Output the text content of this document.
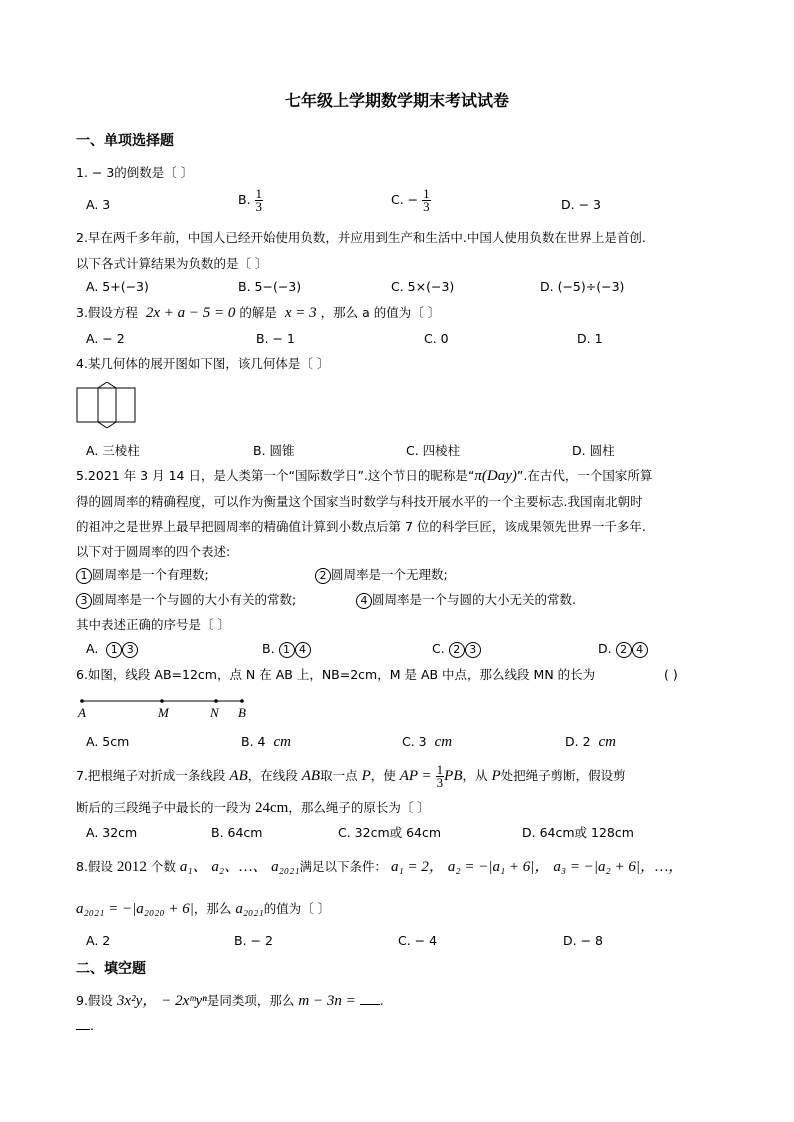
七年级上学期数学期末考试试卷
一、单项选择题
1. − 3的倒数是〔 〕
A. 3	B. $\frac{1}{3}$	C. − $\frac{1}{3}$	D. − 3
2.早在两千多年前，中国人已经开始使用负数，并应用到生产和生活中.中国人使用负数在世界上是首创.
以下各式计算结果为负数的是〔 〕
A. 5+(−3)	B. 5−(−3)	C. 5×(−3)	D. (−5)÷(−3)
3.假设方程 2x + a − 5 = 0 的解是 x = 3 ，那么 a 的值为〔 〕
A. − 2	B. − 1	C. 0	D. 1
4.某几何体的展开图如下图，该几何体是〔 〕
A. 三棱柱	B. 圆锥	C. 四棱柱	D. 圆柱
5.2021 年 3 月 14 日，是人类第一个“国际数学日”.这个节日的昵称是“π(Day)”.在古代，一个国家所算
得的圆周率的精确程度，可以作为衡量这个国家当时数学与科技开展水平的一个主要标志.我国南北朝时
的祖冲之是世界上最早把圆周率的精确值计算到小数点后第 7 位的科学巨匠，该成果领先世界一千多年.
以下对于圆周率的四个表述:
1 圆周率是一个有理数;	2 圆周率是一个无理数;
3 圆周率是一个与圆的大小有关的常数;	4 圆周率是一个与圆的大小无关的常数.
其中表述正确的序号是〔 〕
A. 1 3	B. 1 4	C. 2 3	D. 2 4
6.如图，线段 AB=12cm，点 N 在 AB 上，NB=2cm，M 是 AB 中点，那么线段 MN 的长为	( )
A	M	N B
A. 5cm	B. 4 cm	C. 3 cm	D. 2 cm
7.把根绳子对折成一条线段 AB，在线段 AB取一点 P，使 AP = $\frac{1}{3}$ PB，从 P处把绳子剪断，假设剪
断后的三段绳子中最长的一段为 24cm，那么绳子的原长为〔 〕
A. 32cm	B. 64cm	C. 32cm或 64cm	D. 64cm或 128cm
8.假设 2012 个数 a₁、 a₂、…、 a₂₀₂₁满足以下条件： a₁ = 2， a₂ = −|a₁ + 6|， a₃ = −|a₂ + 6|，…，
a₂₀₂₁ = −|a₂₀₂₀ + 6|，那么 a₂₀₂₁的值为〔 〕
A. 2	B. − 2	C. − 4	D. − 8
二、填空题
9.假设 3x²y， − 2xᵐyⁿ是同类项，那么 m − 3n = .
.
